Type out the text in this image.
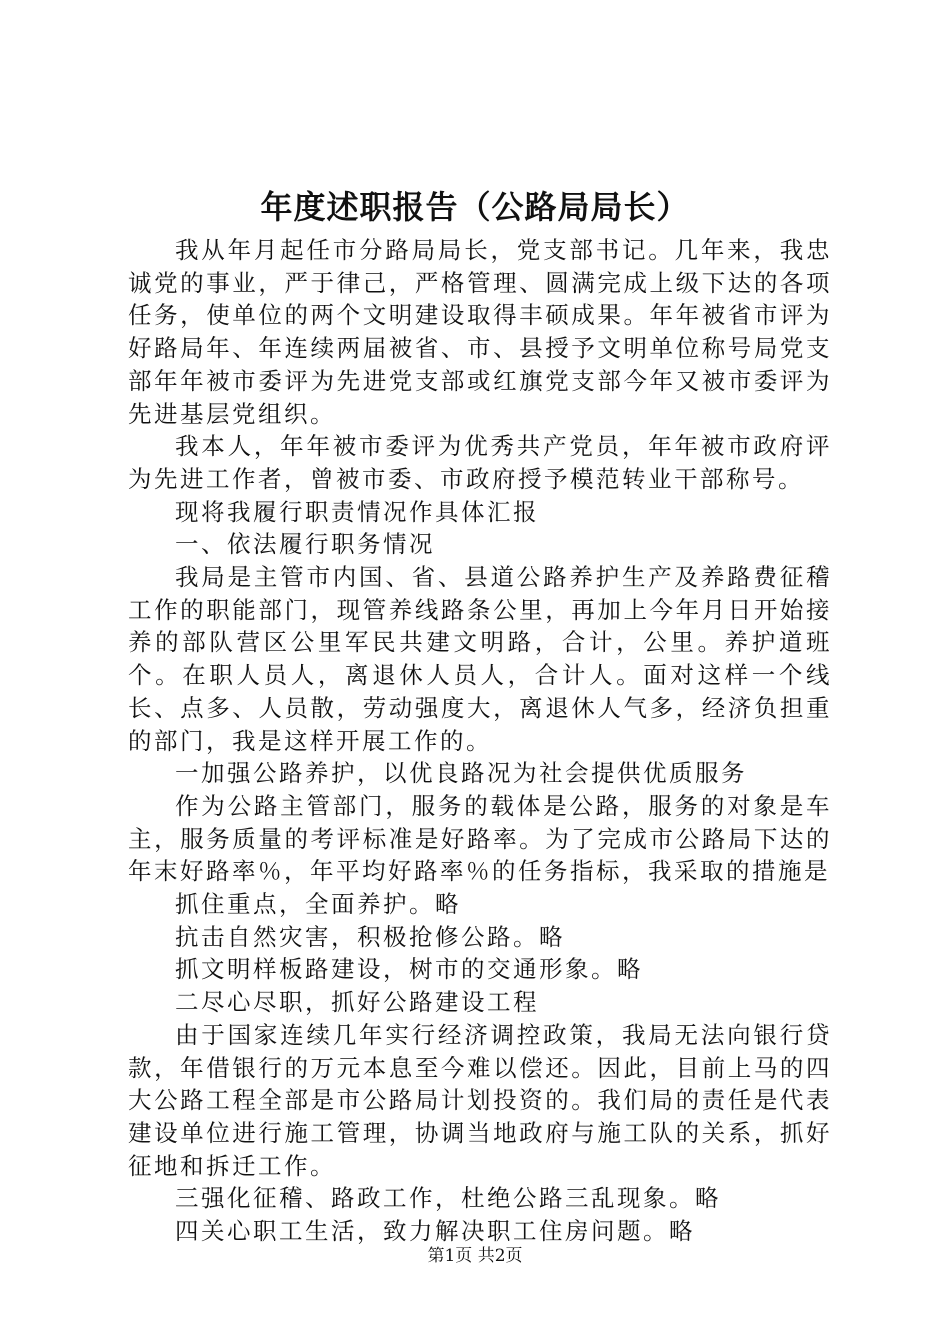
年度述职报告（公路局局长）

我从年月起任市分路局局长，党支部书记。几年来，我忠诚党的事业，严于律己，严格管理、圆满完成上级下达的各项任务，使单位的两个文明建设取得丰硕成果。年年被省市评为好路局年、年连续两届被省、市、县授予文明单位称号局党支部年年被市委评为先进党支部或红旗党支部今年又被市委评为先进基层党组织。

我本人，年年被市委评为优秀共产党员，年年被市政府评为先进工作者，曾被市委、市政府授予模范转业干部称号。

现将我履行职责情况作具体汇报

一、依法履行职务情况

我局是主管市内国、省、县道公路养护生产及养路费征稽工作的职能部门，现管养线路条公里，再加上今年月日开始接养的部队营区公里军民共建文明路，合计，公里。养护道班个。在职人员人，离退休人员人，合计人。面对这样一个线长、点多、人员散，劳动强度大，离退休人气多，经济负担重的部门，我是这样开展工作的。

一加强公路养护，以优良路况为社会提供优质服务

作为公路主管部门，服务的载体是公路，服务的对象是车主，服务质量的考评标准是好路率。为了完成市公路局下达的年末好路率％，年平均好路率％的任务指标，我采取的措施是

抓住重点，全面养护。略

抗击自然灾害，积极抢修公路。略

抓文明样板路建设，树市的交通形象。略

二尽心尽职，抓好公路建设工程

由于国家连续几年实行经济调控政策，我局无法向银行贷款，年借银行的万元本息至今难以偿还。因此，目前上马的四大公路工程全部是市公路局计划投资的。我们局的责任是代表建设单位进行施工管理，协调当地政府与施工队的关系，抓好征地和拆迁工作。

三强化征稽、路政工作，杜绝公路三乱现象。略

四关心职工生活，致力解决职工住房问题。略

第1页 共2页
